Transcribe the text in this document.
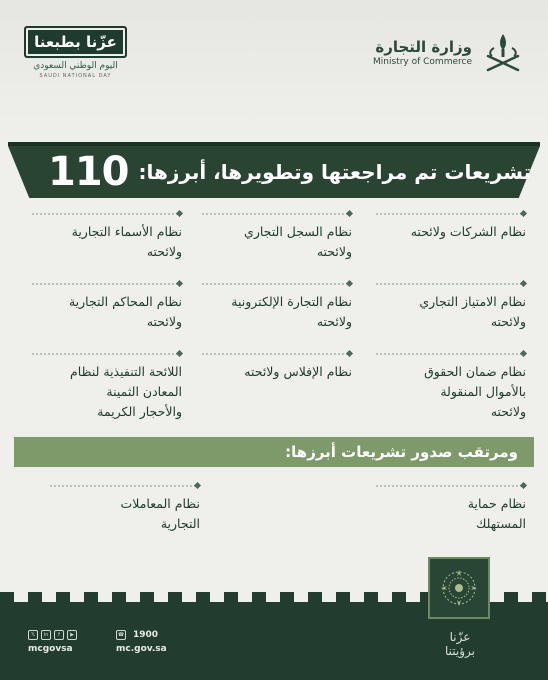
وزارة التجارة
Ministry of Commerce
عزّنا بطبعنا
اليوم الوطني السعودي
SAUDI NATIONAL DAY
110 تشريعات تم مراجعتها وتطويرها، أبرزها:
نظام الشركات ولائحته
نظام السجل التجاري
ولائحته
نظام الأسماء التجارية
ولائحته
نظام الامتياز التجاري
ولائحته
نظام التجارة الإلكترونية
ولائحته
نظام المحاكم التجارية
ولائحته
نظام ضمان الحقوق
بالأموال المنقولة
ولائحته
نظام الإفلاس ولائحته
اللائحة التنفيذية لنظام
المعادن الثمينة
والأحجار الكريمة
ومرتقب صدور تشريعات أبرزها:
نظام حماية
المستهلك
نظام المعاملات
التجارية
عزّنا
برؤيتنا
𝕏	in	f	▶	☎ 1900
mcgovsa	mc.gov.sa
